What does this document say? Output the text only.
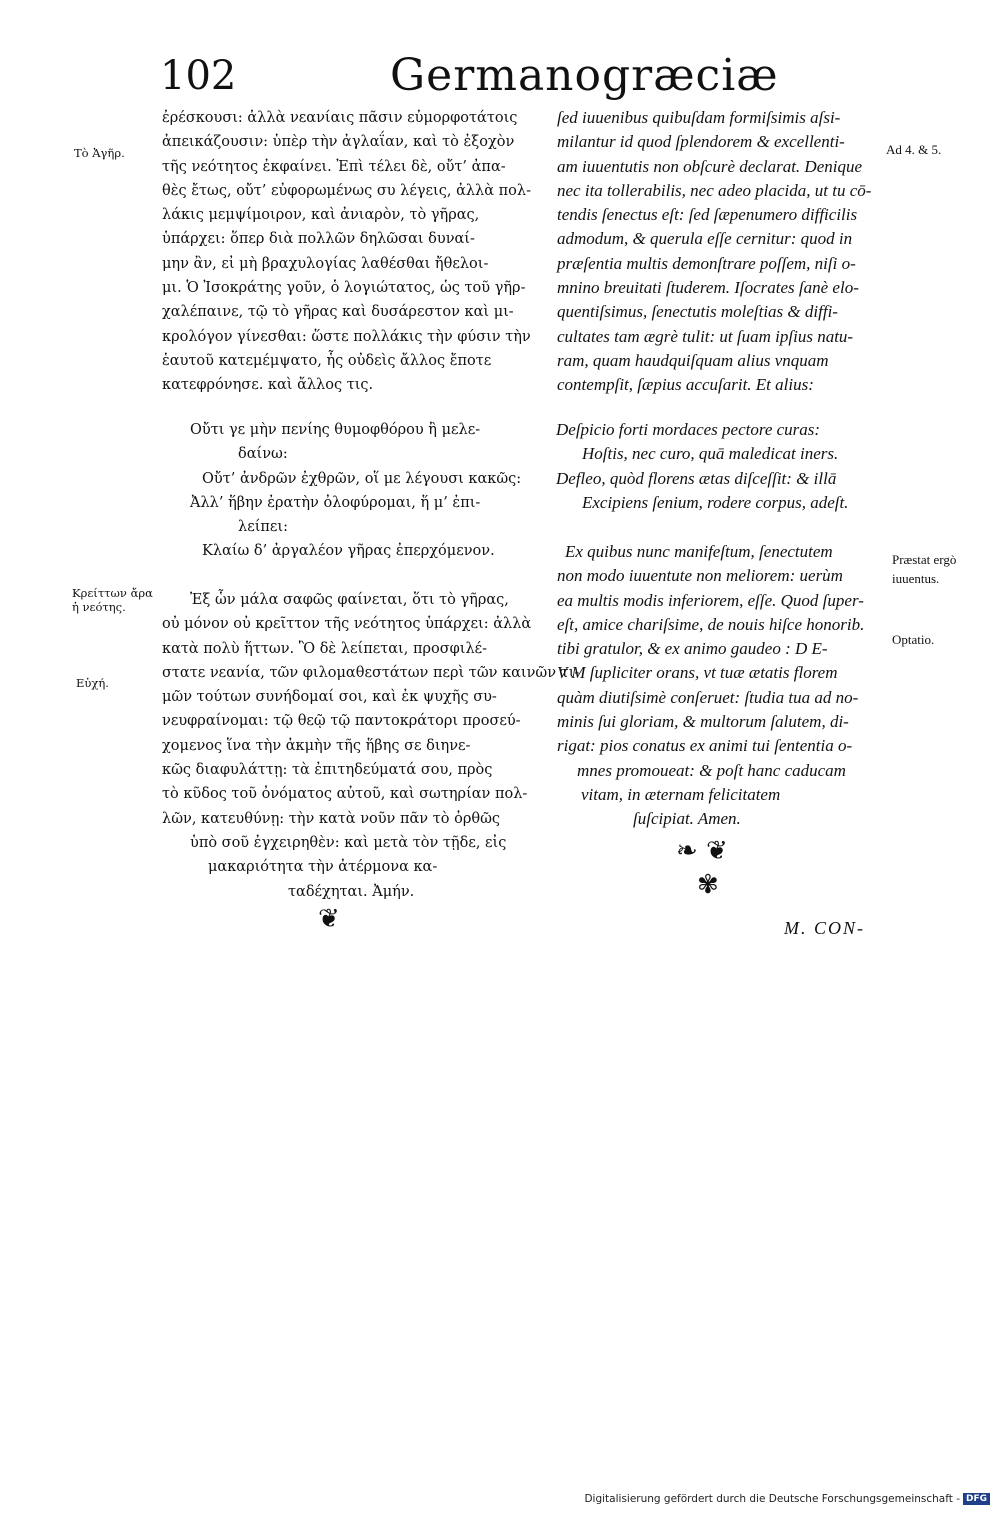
102	Germanogræciæ
Τὸ Ἀγῆρ.
Κρείττων ἄρα ἡ νεότης.
Εὐχή.
Ad 4. & 5.
Præstat ergò
iuuentus.
Optatio.
ἐρέσκουσι: ἀλλὰ νεανίαις πᾶσιν εὐμορφοτάτοις
ἀπεικάζουσιν: ὑπὲρ τὴν ἀγλαΐαν, καὶ τὸ ἐξοχὸν
τῆς νεότητος ἐκφαίνει. Ἐπὶ τέλει δὲ, οὔτ’ ἀπα-
θὲς ἔτως, οὔτ’ εὐφορωμένως συ λέγεις, ἀλλὰ πολ-
λάκις μεμψίμοιρον, καὶ ἀνιαρὸν, τὸ γῆρας,
ὑπάρχει: ὅπερ διὰ πολλῶν δηλῶσαι δυναί-
μην ἂν, εἰ μὴ βραχυλογίας λαθέσθαι ἤθελοι-
μι. Ὁ Ἰσοκράτης γοῦν, ὁ λογιώτατος, ὡς τοῦ γῆρ-
χαλέπαινε, τῷ τὸ γῆρας καὶ δυσάρεστον καὶ μι-
κρολόγον γίνεσθαι: ὥστε πολλάκις τὴν φύσιν τὴν
ἑαυτοῦ κατεμέμψατο, ἧς οὐδεὶς ἄλλος ἔποτε
κατεφρόνησε. καὶ ἄλλος τις.
Οὔτι γε μὴν πενίης θυμοφθόρου ἢ μελε-
δαίνω:
Οὔτ’ ἀνδρῶν ἐχθρῶν, οἵ με λέγουσι κακῶς:
Ἀλλ’ ἥβην ἐρατὴν ὀλοφύρομαι, ἥ μ’ ἐπι-
λείπει:
Κλαίω δ’ ἀργαλέον γῆρας ἐπερχόμενον.
Ἐξ ὧν μάλα σαφῶς φαίνεται, ὅτι τὸ γῆρας,
οὐ μόνον οὐ κρεῖττον τῆς νεότητος ὑπάρχει: ἀλλὰ
κατὰ πολὺ ἥττων. Ὃ δὲ λείπεται, προσφιλέ-
στατε νεανία, τῶν φιλομαθεστάτων περὶ τῶν καινῶν τι-
μῶν τούτων συνήδομαί σοι, καὶ ἐκ ψυχῆς συ-
νευφραίνομαι: τῷ θεῷ τῷ παντοκράτορι προσεύ-
χομενος ἵνα τὴν ἀκμὴν τῆς ἥβης σε διηνε-
κῶς διαφυλάττῃ: τὰ ἐπιτηδεύματά σου, πρὸς
τὸ κῦδος τοῦ ὀνόματος αὐτοῦ, καὶ σωτηρίαν πολ-
λῶν, κατευθύνῃ: τὴν κατὰ νοῦν πᾶν τὸ ὀρθῶς
ὑπὸ σοῦ ἐγχειρηθὲν: καὶ μετὰ τὸν τῇδε, εἰς
μακαριότητα τὴν ἀτέρμονα κα-
ταδέχηται. Ἀμήν.
❦
ſed iuuenibus quibuſdam formiſsimis aſsi-
milantur id quod ſplendorem & excellenti-
am iuuentutis non obſcurè declarat. Denique
nec ita tollerabilis, nec adeo placida, ut tu cō-
tendis ſenectus eſt: ſed ſæpenumero difficilis
admodum, & querula eſſe cernitur: quod in
præſentia multis demonſtrare poſſem, niſi o-
mnino breuitati ſtuderem. Iſocrates ſanè elo-
quentiſsimus, ſenectutis moleſtias & diffi-
cultates tam ægrè tulit: ut ſuam ipſius natu-
ram, quam haudquiſquam alius vnquam
contempſit, ſæpius accuſarit. Et alius:
Deſpicio forti mordaces pectore curas:
Hoſtis, nec curo, quā maledicat iners.
Defleo, quòd florens ætas diſceſſit: & illā
Excipiens ſenium, rodere corpus, adeſt.
Ex quibus nunc manifeſtum, ſenectutem
non modo iuuentute non meliorem: uerùm
ea multis modis inferiorem, eſſe. Quod ſuper-
eſt, amice chariſsime, de nouis hiſce honorib.
tibi gratulor, & ex animo gaudeo : D E-
V M ſupliciter orans, vt tuæ ætatis florem
quàm diutiſsimè conſeruet: ſtudia tua ad no-
minis ſui gloriam, & multorum ſalutem, di-
rigat: pios conatus ex animi tui ſententia o-
mnes promoueat: & poſt hanc caducam
vitam, in æternam felicitatem
ſuſcipiat. Amen.
❧ ❦
✾
M. CON-
Digitalisierung gefördert durch die Deutsche Forschungsgemeinschaft - DFG
